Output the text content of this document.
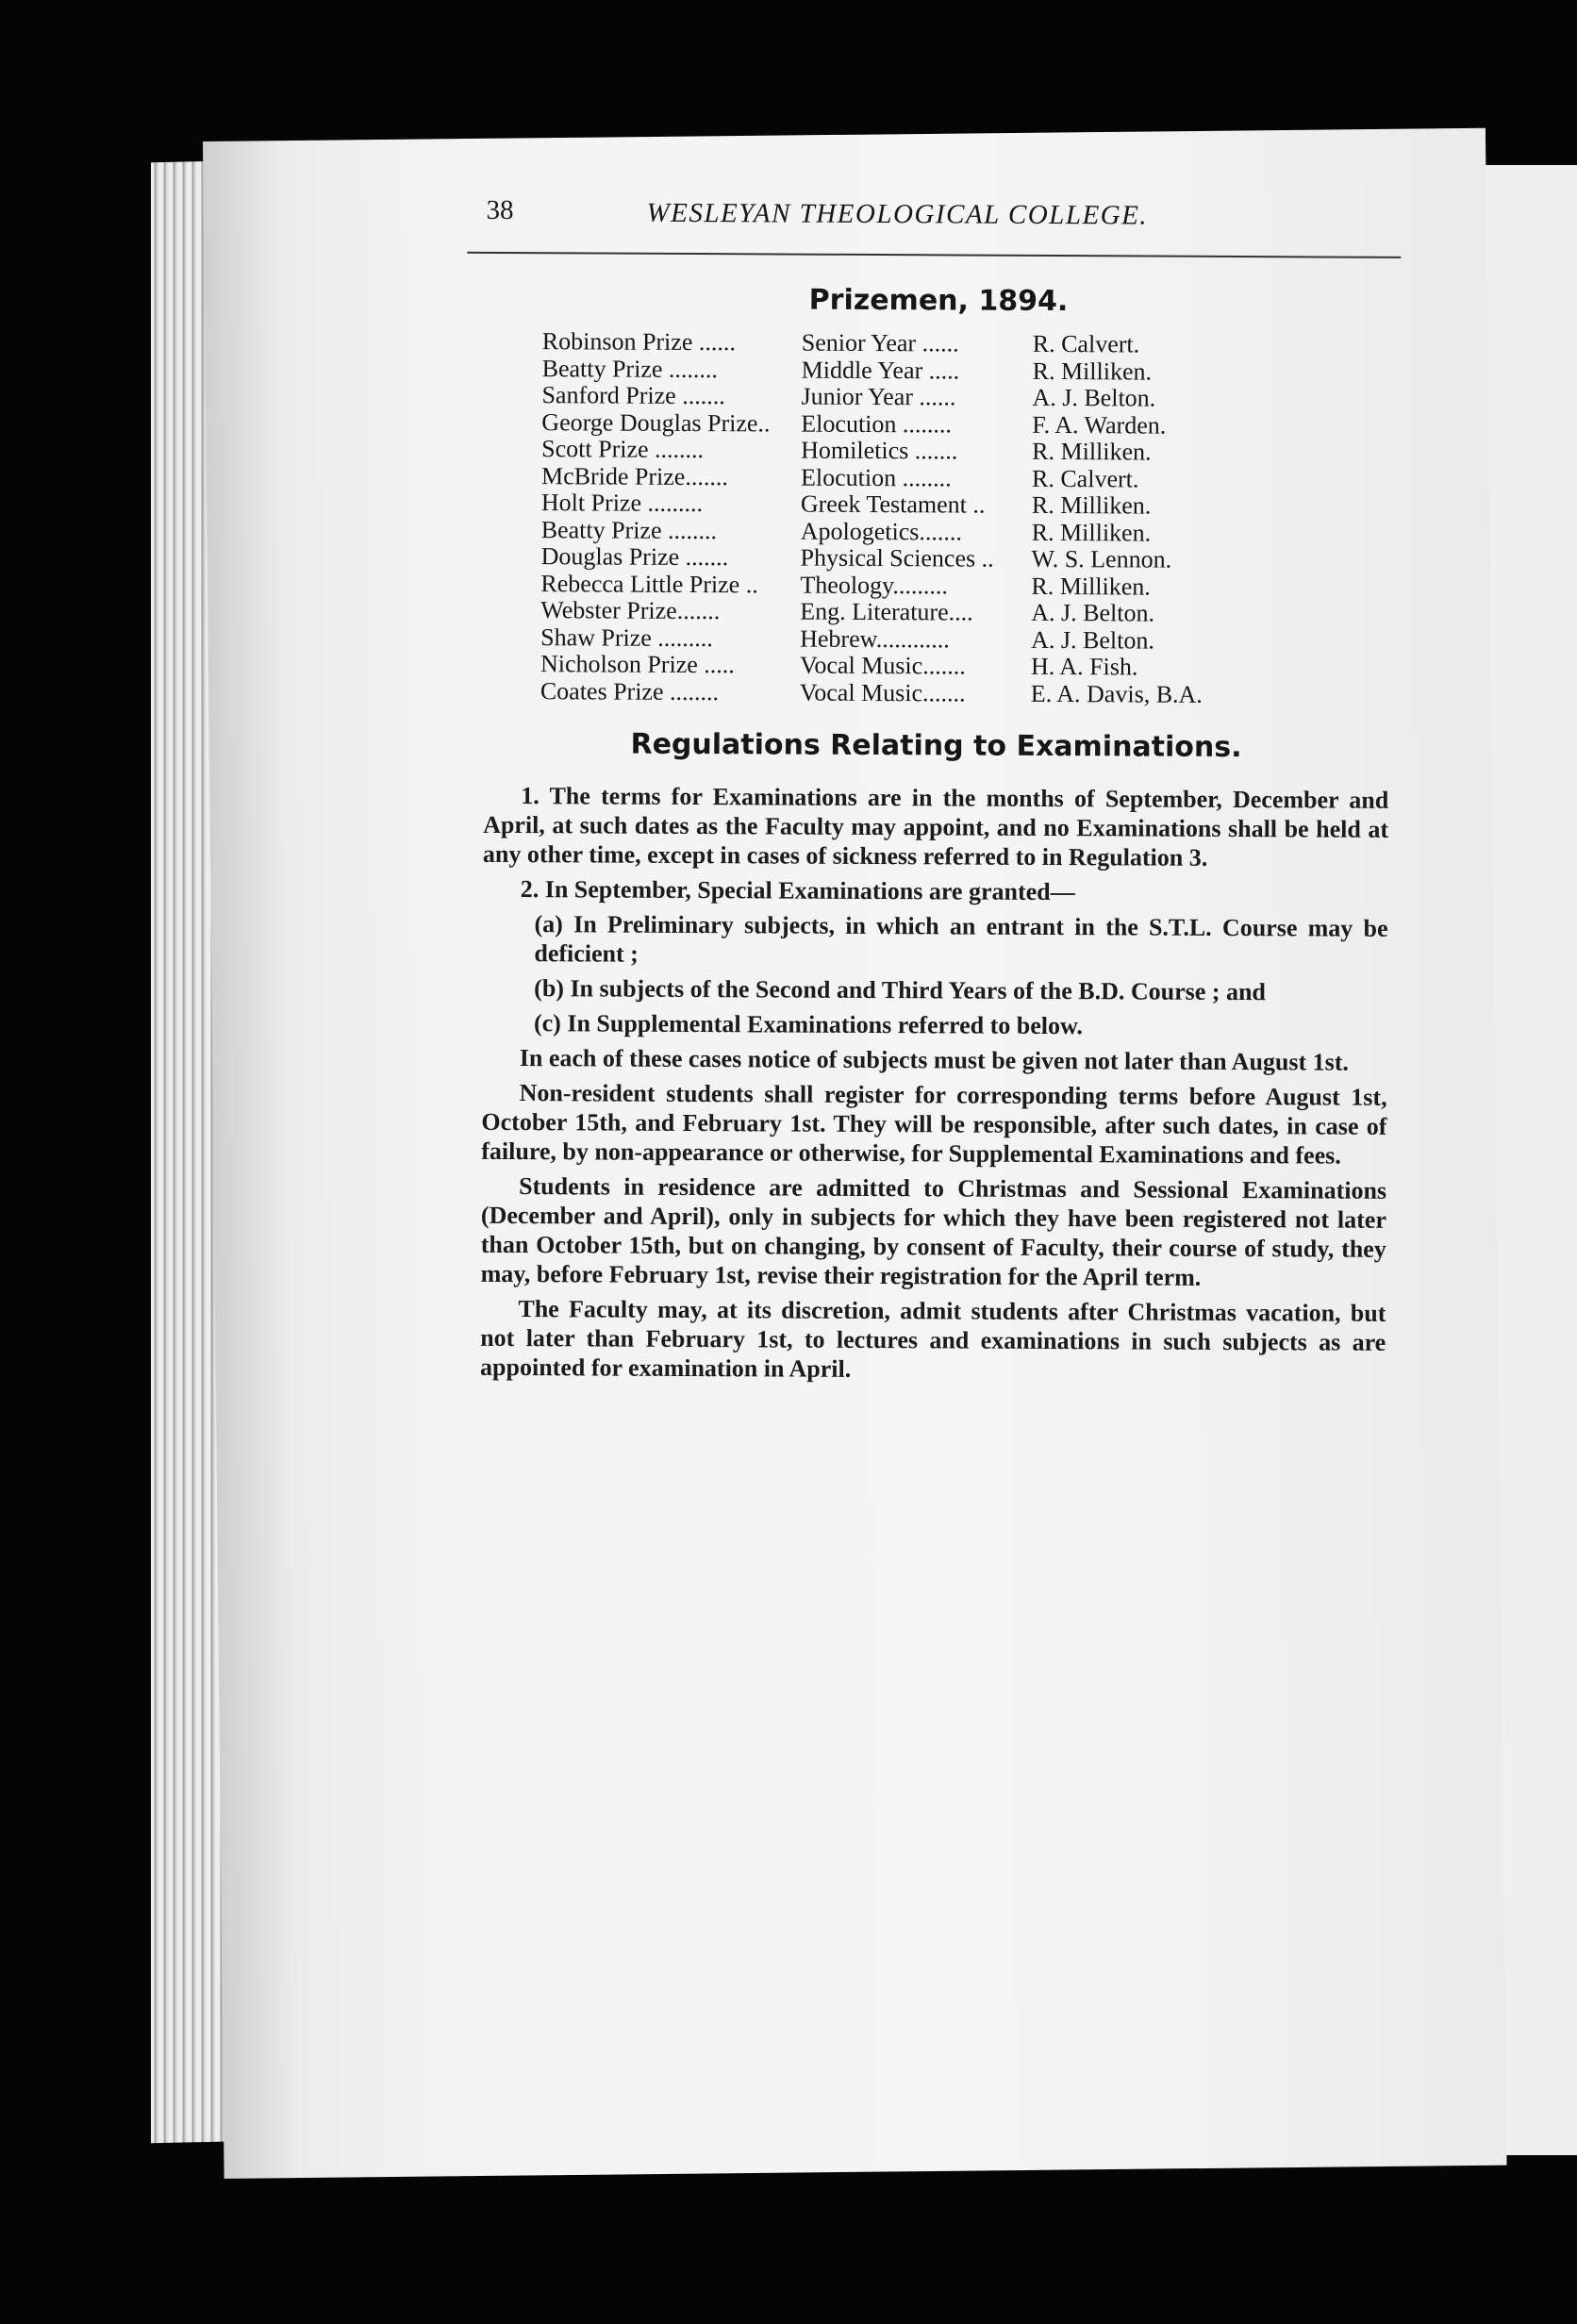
38	WESLEYAN THEOLOGICAL COLLEGE.
Prizemen, 1894.
Robinson Prize ......	Senior Year ......	R. Calvert.
Beatty Prize ........	Middle Year .....	R. Milliken.
Sanford Prize .......	Junior Year ......	A. J. Belton.
George Douglas Prize..	Elocution ........	F. A. Warden.
Scott Prize ........	Homiletics .......	R. Milliken.
McBride Prize.......	Elocution ........	R. Calvert.
Holt Prize .........	Greek Testament ..	R. Milliken.
Beatty Prize ........	Apologetics.......	R. Milliken.
Douglas Prize .......	Physical Sciences ..	W. S. Lennon.
Rebecca Little Prize ..	Theology.........	R. Milliken.
Webster Prize.......	Eng. Literature....	A. J. Belton.
Shaw Prize .........	Hebrew............	A. J. Belton.
Nicholson Prize .....	Vocal Music.......	H. A. Fish.
Coates Prize ........	Vocal Music.......	E. A. Davis, B.A.
Regulations Relating to Examinations.

1. The terms for Examinations are in the months of September, December and April, at such dates as the Faculty may appoint, and no Examinations shall be held at any other time, except in cases of sickness referred to in Regulation 3.

2. In September, Special Examinations are granted—

(a) In Preliminary subjects, in which an entrant in the S.T.L. Course may be deficient ;

(b) In subjects of the Second and Third Years of the B.D. Course ; and

(c) In Supplemental Examinations referred to below.

In each of these cases notice of subjects must be given not later than August 1st.

Non-resident students shall register for corresponding terms before August 1st, October 15th, and February 1st. They will be responsible, after such dates, in case of failure, by non-appearance or otherwise, for Supplemental Examinations and fees.

Students in residence are admitted to Christmas and Sessional Examinations (December and April), only in subjects for which they have been registered not later than October 15th, but on changing, by consent of Faculty, their course of study, they may, before February 1st, revise their registration for the April term.

The Faculty may, at its discretion, admit students after Christmas vacation, but not later than February 1st, to lectures and examinations in such subjects as are appointed for examination in April.
